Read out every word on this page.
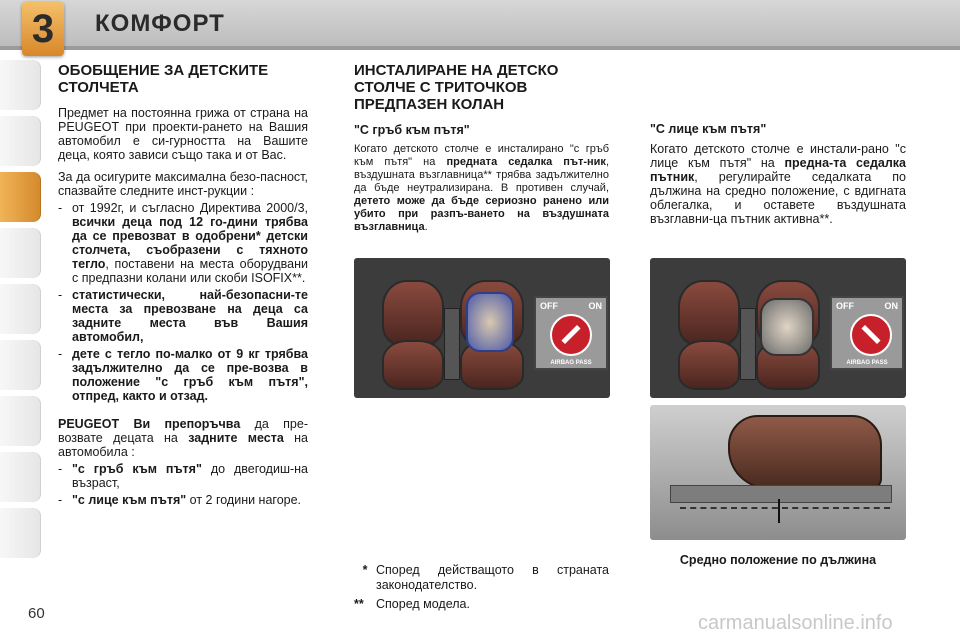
3	КОМФОРТ
ОБОБЩЕНИЕ ЗА ДЕТСКИТЕ СТОЛЧЕТА

Предмет на постоянна грижа от страна на PEUGEOT при проекти-рането на Вашия автомобил е си-гурността на Вашите деца, която зависи също така и от Вас.

За да осигурите максимална безо-пасност, спазвайте следните инст-рукции :

- от 1992г, и съгласно Директива 2000/3, всички деца под 12 го-дини трябва да се превозват в одобрени* детски столчета, съобразени с тяхното тегло, поставени на места оборудвани с предпазни колани или скоби ISOFIX**.
- статистически, най-безопасни-те места за превозване на деца са задните места във Вашия автомобил,
- дете с тегло по-малко от 9 кг трябва задължително да се пре-возва в положение "с гръб към пътя", отпред, както и отзад.

PEUGEOT Ви препоръчва да пре-возвате децата на задните места на автомобила :

- "с гръб към пътя" до двегодиш-на възраст,
- "с лице към пътя" от 2 години нагоре.
ИНСТАЛИРАНЕ НА ДЕТСКО СТОЛЧЕ С ТРИТОЧКОВ ПРЕДПАЗЕН КОЛАН
"С гръб към пътя"

Когато детското столче е инсталирано "с гръб към пътя" на предната седалка път-ник, въздушната възглавница** трябва задължително да бъде неутрализирана. В противен случай, детето може да бъде сериозно ранено или убито при разпъ-ването на въздушната възглавница.

OFF	ON
AIRBAG PASS
* Според действащото в страната законодателство.
** Според модела.
"С лице към пътя"

Когато детското столче е инстали-рано "с лице към пътя" на предна-та седалка пътник, регулирайте седалката по дължина на средно положение, с вдигната облегалка, и оставете въздушната възглавни-ца пътник активна**.

OFF	ON
AIRBAG PASS
Средно положение по дължина
60	carmanualsonline.info
